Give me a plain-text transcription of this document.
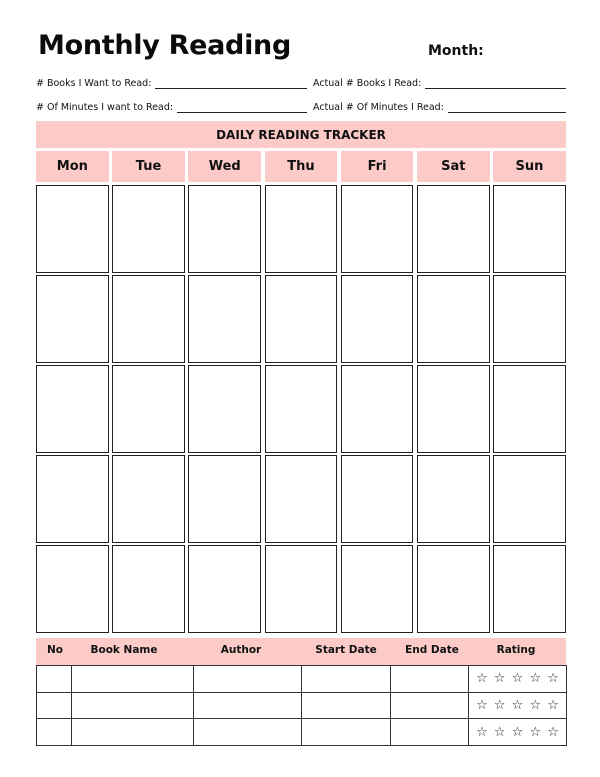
Monthly Reading	Month:
# Books I Want to Read:	Actual # Books I Read:
# Of Minutes I want to Read:	Actual # Of Minutes I Read:
DAILY READING TRACKER
Mon	Tue	Wed	Thu	Fri	Sat	Sun
No	Book Name	Author	Start Date	End Date	Rating

					☆ ☆ ☆ ☆ ☆

					☆ ☆ ☆ ☆ ☆

					☆ ☆ ☆ ☆ ☆
